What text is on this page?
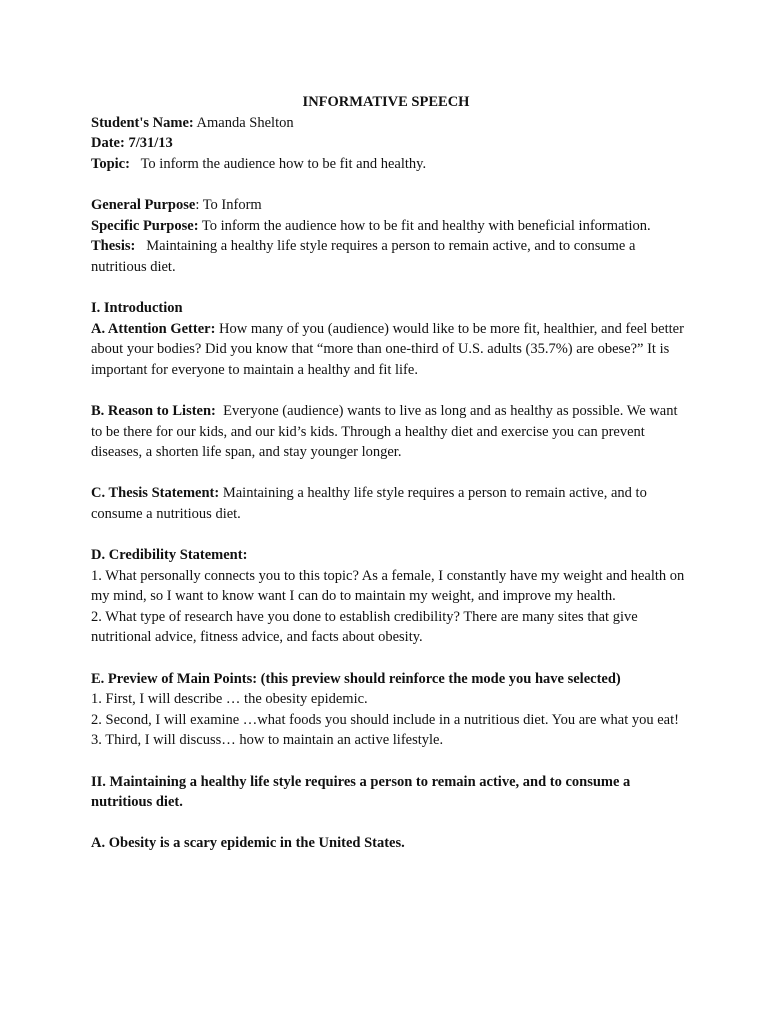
INFORMATIVE SPEECH

Student's Name: Amanda Shelton

Date: 7/31/13

Topic:   To inform the audience how to be fit and healthy.

General Purpose: To Inform

Specific Purpose: To inform the audience how to be fit and healthy with beneficial information.

Thesis:   Maintaining a healthy life style requires a person to remain active, and to consume a nutritious diet.

I. Introduction

A. Attention Getter: How many of you (audience) would like to be more fit, healthier, and feel better about your bodies? Did you know that “more than one-third of U.S. adults (35.7%) are obese?” It is important for everyone to maintain a healthy and fit life.

B. Reason to Listen:  Everyone (audience) wants to live as long and as healthy as possible. We want to be there for our kids, and our kid’s kids. Through a healthy diet and exercise you can prevent diseases, a shorten life span, and stay younger longer.

C. Thesis Statement: Maintaining a healthy life style requires a person to remain active, and to consume a nutritious diet.

D. Credibility Statement:

1. What personally connects you to this topic? As a female, I constantly have my weight and health on my mind, so I want to know want I can do to maintain my weight, and improve my health.

2. What type of research have you done to establish credibility? There are many sites that give nutritional advice, fitness advice, and facts about obesity.

E. Preview of Main Points: (this preview should reinforce the mode you have selected)

1. First, I will describe … the obesity epidemic.

2. Second, I will examine …what foods you should include in a nutritious diet. You are what you eat!

3. Third, I will discuss… how to maintain an active lifestyle.

II. Maintaining a healthy life style requires a person to remain active, and to consume a nutritious diet.

A. Obesity is a scary epidemic in the United States.
